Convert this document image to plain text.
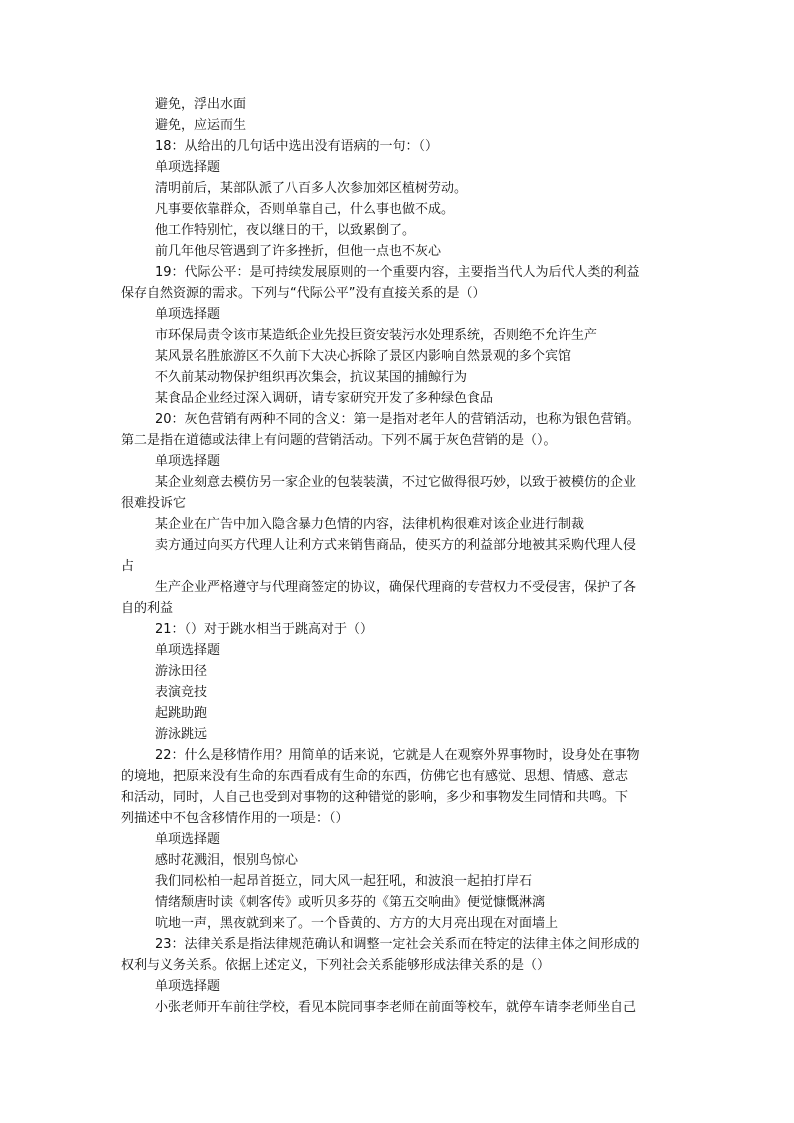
避免，浮出水面
避免，应运而生
18：从给出的几句话中选出没有语病的一句：（）
单项选择题
清明前后，某部队派了八百多人次参加郊区植树劳动。
凡事要依靠群众，否则单靠自己，什么事也做不成。
他工作特别忙，夜以继日的干，以致累倒了。
前几年他尽管遇到了许多挫折，但他一点也不灰心
19：代际公平：是可持续发展原则的一个重要内容，主要指当代人为后代人类的利益
保存自然资源的需求。下列与“代际公平”没有直接关系的是（）
单项选择题
市环保局责令该市某造纸企业先投巨资安装污水处理系统，否则绝不允许生产
某风景名胜旅游区不久前下大决心拆除了景区内影响自然景观的多个宾馆
不久前某动物保护组织再次集会，抗议某国的捕鲸行为
某食品企业经过深入调研，请专家研究开发了多种绿色食品
20：灰色营销有两种不同的含义：第一是指对老年人的营销活动，也称为银色营销。
第二是指在道德或法律上有问题的营销活动。下列不属于灰色营销的是（）。
单项选择题
某企业刻意去模仿另一家企业的包装装潢，不过它做得很巧妙，以致于被模仿的企业
很难投诉它
某企业在广告中加入隐含暴力色情的内容，法律机构很难对该企业进行制裁
卖方通过向买方代理人让利方式来销售商品，使买方的利益部分地被其采购代理人侵
占
生产企业严格遵守与代理商签定的协议，确保代理商的专营权力不受侵害，保护了各
自的利益
21：（）对于跳水相当于跳高对于（）
单项选择题
游泳田径
表演竞技
起跳助跑
游泳跳远
22：什么是移情作用？用简单的话来说，它就是人在观察外界事物时，设身处在事物
的境地，把原来没有生命的东西看成有生命的东西，仿佛它也有感觉、思想、情感、意志
和活动，同时，人自己也受到对事物的这种错觉的影响，多少和事物发生同情和共鸣。下
列描述中不包含移情作用的一项是：（）
单项选择题
感时花溅泪，恨别鸟惊心
我们同松柏一起昂首挺立，同大风一起狂吼，和波浪一起拍打岸石
情绪颓唐时读《刺客传》或听贝多芬的《第五交响曲》便觉慷慨淋漓
吭地一声，黑夜就到来了。一个昏黄的、方方的大月亮出现在对面墙上
23：法律关系是指法律规范确认和调整一定社会关系而在特定的法律主体之间形成的
权利与义务关系。依据上述定义，下列社会关系能够形成法律关系的是（）
单项选择题
小张老师开车前往学校，看见本院同事李老师在前面等校车，就停车请李老师坐自己
